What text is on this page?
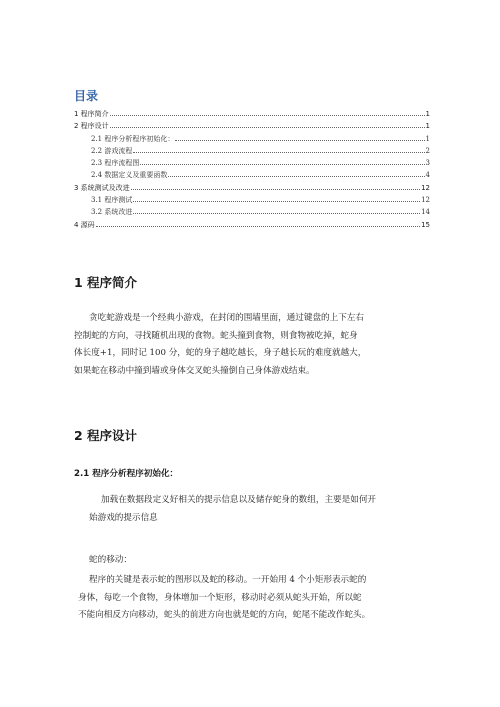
目录
1 程序简介	1
2 程序设计	1
2.1 程序分析程序初始化：	1
2.2 游戏流程	2
2.3 程序流程图	3
2.4 数据定义及重要函数	4
3 系统测试及改进	12
3.1 程序测试	12
3.2 系统改进	14
4 源码	15
1 程序简介
贪吃蛇游戏是一个经典小游戏，在封闭的围墙里面，通过键盘的上下左右
控制蛇的方向，寻找随机出现的食物。蛇头撞到食物，则食物被吃掉，蛇身
体长度+1，同时记 100 分，蛇的身子越吃越长，身子越长玩的难度就越大，
如果蛇在移动中撞到墙或身体交叉蛇头撞倒自己身体游戏结束。
2 程序设计
2.1 程序分析程序初始化：
加载在数据段定义好相关的提示信息以及储存蛇身的数组，主要是如何开
始游戏的提示信息
蛇的移动：
程序的关键是表示蛇的图形以及蛇的移动。一开始用 4 个小矩形表示蛇的
身体，每吃一个食物，身体增加一个矩形，移动时必须从蛇头开始，所以蛇
不能向相反方向移动，蛇头的前进方向也就是蛇的方向，蛇尾不能改作蛇头。
